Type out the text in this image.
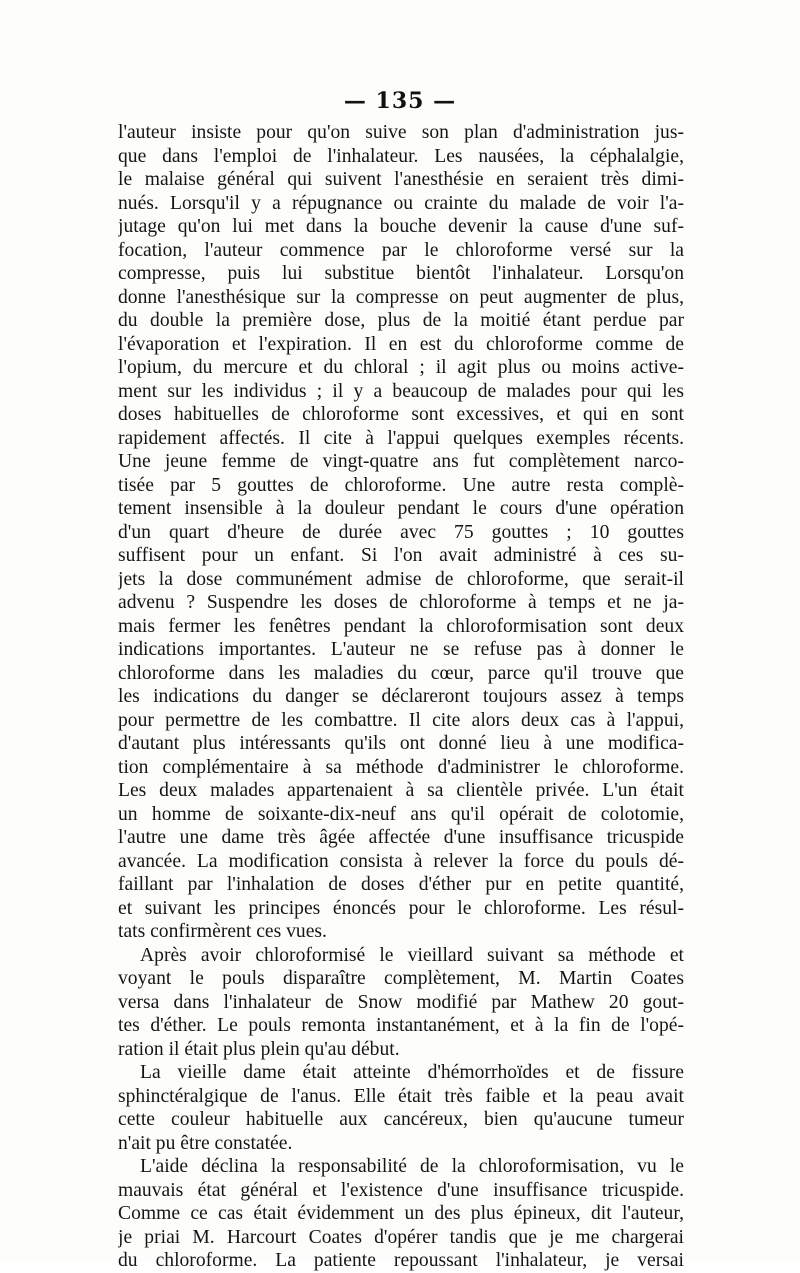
— 135 —
l'auteur insiste pour qu'on suive son plan d'administration jus-
que dans l'emploi de l'inhalateur. Les nausées, la céphalalgie,
le malaise général qui suivent l'anesthésie en seraient très dimi-
nués. Lorsqu'il y a répugnance ou crainte du malade de voir l'a-
jutage qu'on lui met dans la bouche devenir la cause d'une suf-
focation, l'auteur commence par le chloroforme versé sur la
compresse, puis lui substitue bientôt l'inhalateur. Lorsqu'on
donne l'anesthésique sur la compresse on peut augmenter de plus,
du double la première dose, plus de la moitié étant perdue par
l'évaporation et l'expiration. Il en est du chloroforme comme de
l'opium, du mercure et du chloral ; il agit plus ou moins active-
ment sur les individus ; il y a beaucoup de malades pour qui les
doses habituelles de chloroforme sont excessives, et qui en sont
rapidement affectés. Il cite à l'appui quelques exemples récents.
Une jeune femme de vingt-quatre ans fut complètement narco-
tisée par 5 gouttes de chloroforme. Une autre resta complè-
tement insensible à la douleur pendant le cours d'une opération
d'un quart d'heure de durée avec 75 gouttes ; 10 gouttes
suffisent pour un enfant. Si l'on avait administré à ces su-
jets la dose communément admise de chloroforme, que serait-il
advenu ? Suspendre les doses de chloroforme à temps et ne ja-
mais fermer les fenêtres pendant la chloroformisation sont deux
indications importantes. L'auteur ne se refuse pas à donner le
chloroforme dans les maladies du cœur, parce qu'il trouve que
les indications du danger se déclareront toujours assez à temps
pour permettre de les combattre. Il cite alors deux cas à l'appui,
d'autant plus intéressants qu'ils ont donné lieu à une modifica-
tion complémentaire à sa méthode d'administrer le chloroforme.
Les deux malades appartenaient à sa clientèle privée. L'un était
un homme de soixante-dix-neuf ans qu'il opérait de colotomie,
l'autre une dame très âgée affectée d'une insuffisance tricuspide
avancée. La modification consista à relever la force du pouls dé-
faillant par l'inhalation de doses d'éther pur en petite quantité,
et suivant les principes énoncés pour le chloroforme. Les résul-
tats confirmèrent ces vues.
Après avoir chloroformisé le vieillard suivant sa méthode et
voyant le pouls disparaître complètement, M. Martin Coates
versa dans l'inhalateur de Snow modifié par Mathew 20 gout-
tes d'éther. Le pouls remonta instantanément, et à la fin de l'opé-
ration il était plus plein qu'au début.
La vieille dame était atteinte d'hémorrhoïdes et de fissure
sphinctéralgique de l'anus. Elle était très faible et la peau avait
cette couleur habituelle aux cancéreux, bien qu'aucune tumeur
n'ait pu être constatée.
L'aide déclina la responsabilité de la chloroformisation, vu le
mauvais état général et l'existence d'une insuffisance tricuspide.
Comme ce cas était évidemment un des plus épineux, dit l'auteur,
je priai M. Harcourt Coates d'opérer tandis que je me chargerai
du chloroforme. La patiente repoussant l'inhalateur, je versai
